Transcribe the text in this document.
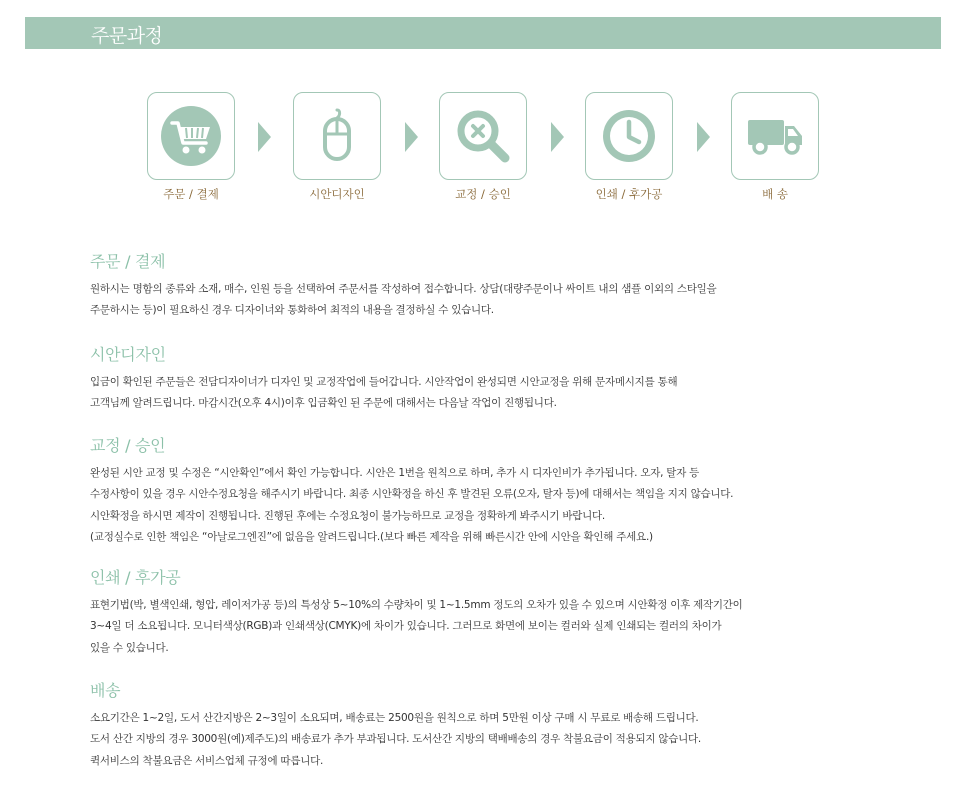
주문과정
주문 / 결제	시안디자인	교정 / 승인	인쇄 / 후가공	배 송
주문 / 결제

원하시는 명함의 종류와 소재, 매수, 인원 등을 선택하여 주문서를 작성하여 접수합니다. 상담(대량주문이나 싸이트 내의 샘플 이외의 스타일을

주문하시는 등)이 필요하신 경우 디자이너와 통화하여 최적의 내용을 결정하실 수 있습니다.

시안디자인

입금이 확인된 주문들은 전담디자이너가 디자인 및 교정작업에 들어갑니다. 시안작업이 완성되면 시안교정을 위해 문자메시지를 통해

고객님께 알려드립니다. 마감시간(오후 4시)이후 입금확인 된 주문에 대해서는 다음날 작업이 진행됩니다.

교정 / 승인

완성된 시안 교정 및 수정은 “시안확인”에서 확인 가능합니다. 시안은 1번을 원칙으로 하며, 추가 시 디자인비가 추가됩니다. 오자, 탈자 등

수정사항이 있을 경우 시안수정요청을 해주시기 바랍니다. 최종 시안확정을 하신 후 발견된 오류(오자, 탈자 등)에 대해서는 책임을 지지 않습니다.

시안확정을 하시면 제작이 진행됩니다. 진행된 후에는 수정요청이 불가능하므로 교정을 정확하게 봐주시기 바랍니다.

(교정실수로 인한 책임은 “아날로그엔진”에 없음을 알려드립니다.(보다 빠른 제작을 위해 빠른시간 안에 시안을 확인해 주세요.)

인쇄 / 후가공

표현기법(박, 별색인쇄, 형압, 레이저가공 등)의 특성상 5~10%의 수량차이 및 1~1.5mm 정도의 오차가 있을 수 있으며 시안확정 이후 제작기간이

3~4일 더 소요됩니다. 모니터색상(RGB)과 인쇄색상(CMYK)에 차이가 있습니다. 그러므로 화면에 보이는 컬러와 실제 인쇄되는 컬러의 차이가

있을 수 있습니다.

배송

소요기간은 1~2일, 도서 산간지방은 2~3일이 소요되며, 배송료는 2500원을 원칙으로 하며 5만원 이상 구매 시 무료로 배송해 드립니다.

도서 산간 지방의 경우 3000원(예)제주도)의 배송료가 추가 부과됩니다. 도서산간 지방의 택배배송의 경우 착불요금이 적용되지 않습니다.

퀵서비스의 착불요금은 서비스업체 규정에 따릅니다.
